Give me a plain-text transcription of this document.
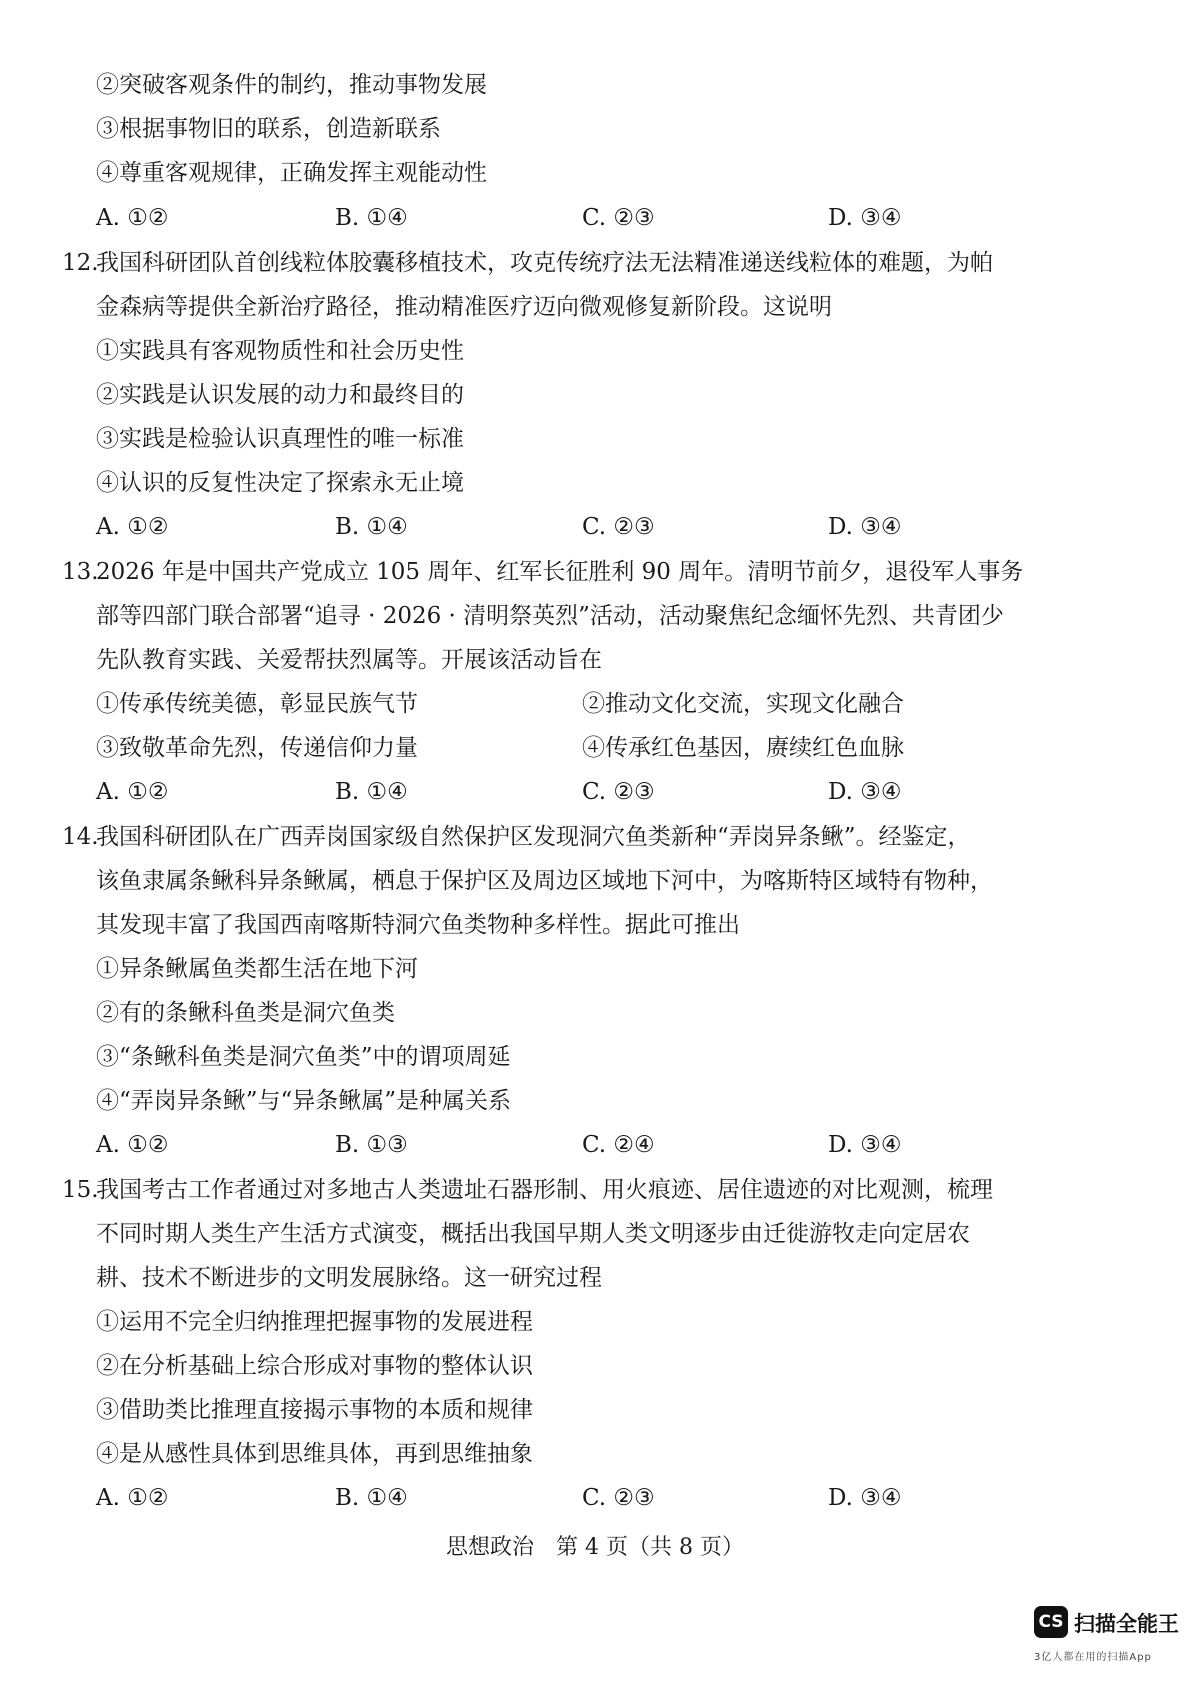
②突破客观条件的制约，推动事物发展
③根据事物旧的联系，创造新联系
④尊重客观规律，正确发挥主观能动性
A. ①②	B. ①④	C. ②③	D. ③④
12.
我国科研团队首创线粒体胶囊移植技术，攻克传统疗法无法精准递送线粒体的难题，为帕
金森病等提供全新治疗路径，推动精准医疗迈向微观修复新阶段。这说明
①实践具有客观物质性和社会历史性
②实践是认识发展的动力和最终目的
③实践是检验认识真理性的唯一标准
④认识的反复性决定了探索永无止境
A. ①②	B. ①④	C. ②③	D. ③④
13.
2026 年是中国共产党成立 105 周年、红军长征胜利 90 周年。清明节前夕，退役军人事务
部等四部门联合部署“追寻 · 2026 · 清明祭英烈”活动，活动聚焦纪念缅怀先烈、共青团少
先队教育实践、关爱帮扶烈属等。开展该活动旨在
①传承传统美德，彰显民族气节	②推动文化交流，实现文化融合
③致敬革命先烈，传递信仰力量	④传承红色基因，赓续红色血脉
A. ①②	B. ①④	C. ②③	D. ③④
14.
我国科研团队在广西弄岗国家级自然保护区发现洞穴鱼类新种“弄岗异条鳅”。经鉴定，
该鱼隶属条鳅科异条鳅属，栖息于保护区及周边区域地下河中，为喀斯特区域特有物种，
其发现丰富了我国西南喀斯特洞穴鱼类物种多样性。据此可推出
①异条鳅属鱼类都生活在地下河
②有的条鳅科鱼类是洞穴鱼类
③“条鳅科鱼类是洞穴鱼类”中的谓项周延
④“弄岗异条鳅”与“异条鳅属”是种属关系
A. ①②	B. ①③	C. ②④	D. ③④
15.
我国考古工作者通过对多地古人类遗址石器形制、用火痕迹、居住遗迹的对比观测，梳理
不同时期人类生产生活方式演变，概括出我国早期人类文明逐步由迁徙游牧走向定居农
耕、技术不断进步的文明发展脉络。这一研究过程
①运用不完全归纳推理把握事物的发展进程
②在分析基础上综合形成对事物的整体认识
③借助类比推理直接揭示事物的本质和规律
④是从感性具体到思维具体，再到思维抽象
A. ①②	B. ①④	C. ②③	D. ③④
思想政治　第 4 页（共 8 页）
CS 扫描全能王
3亿人都在用的扫描App
